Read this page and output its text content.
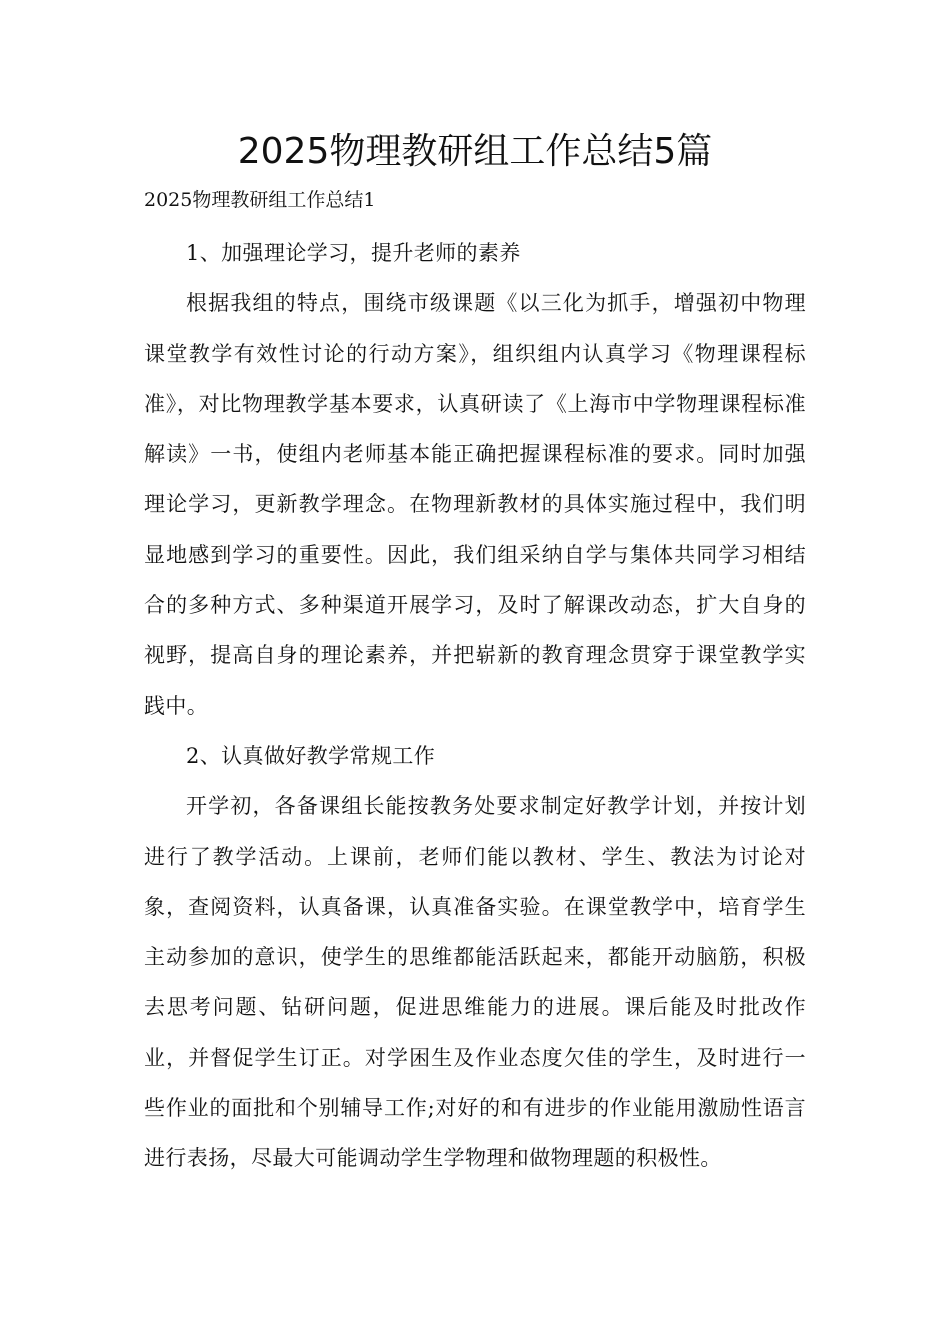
2025物理教研组工作总结5篇

2025物理教研组工作总结1

1、加强理论学习，提升老师的素养

根据我组的特点，围绕市级课题《以三化为抓手，增强初中物理课堂教学有效性讨论的行动方案》，组织组内认真学习《物理课程标准》，对比物理教学基本要求，认真研读了《上海市中学物理课程标准解读》一书，使组内老师基本能正确把握课程标准的要求。同时加强理论学习，更新教学理念。在物理新教材的具体实施过程中，我们明显地感到学习的重要性。因此，我们组采纳自学与集体共同学习相结合的多种方式、多种渠道开展学习，及时了解课改动态，扩大自身的视野，提高自身的理论素养，并把崭新的教育理念贯穿于课堂教学实践中。

2、认真做好教学常规工作

开学初，各备课组长能按教务处要求制定好教学计划，并按计划进行了教学活动。上课前，老师们能以教材、学生、教法为讨论对象，查阅资料，认真备课，认真准备实验。在课堂教学中，培育学生主动参加的意识，使学生的思维都能活跃起来，都能开动脑筋，积极去思考问题、钻研问题，促进思维能力的进展。课后能及时批改作业，并督促学生订正。对学困生及作业态度欠佳的学生，及时进行一些作业的面批和个别辅导工作;对好的和有进步的作业能用激励性语言进行表扬，尽最大可能调动学生学物理和做物理题的积极性。
